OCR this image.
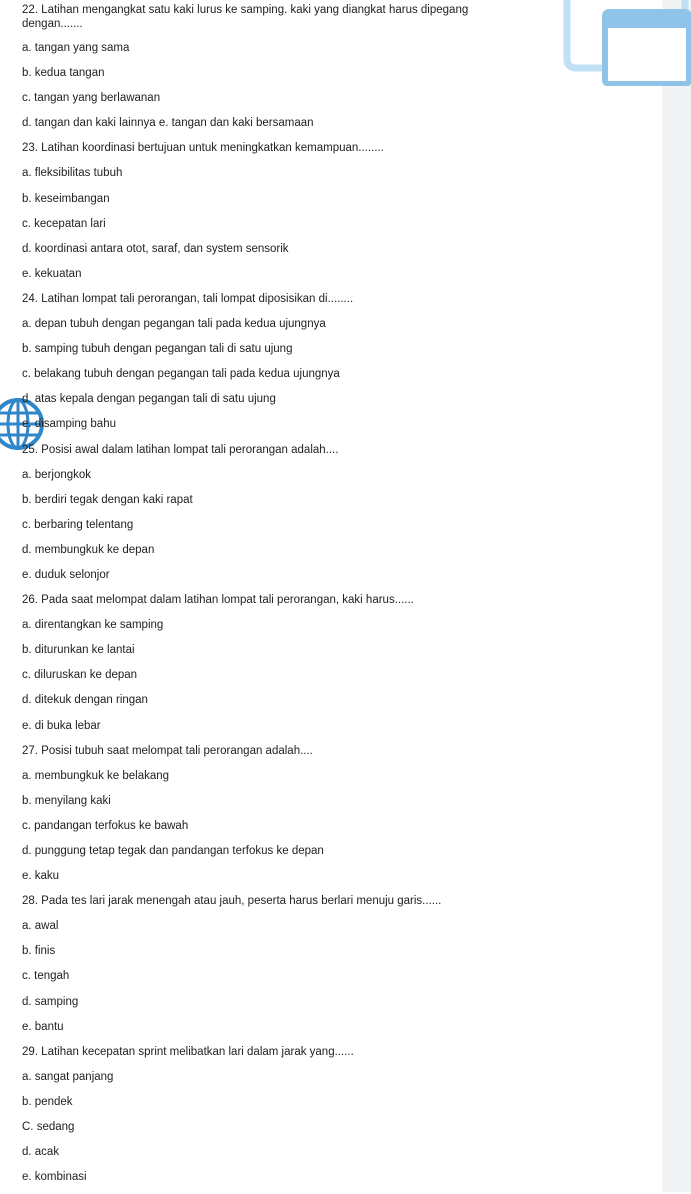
22. Latihan mengangkat satu kaki lurus ke samping. kaki yang diangkat harus dipegang
dengan.......
a. tangan yang sama
b. kedua tangan
c. tangan yang berlawanan
d. tangan dan kaki lainnya e. tangan dan kaki bersamaan
23. Latihan koordinasi bertujuan untuk meningkatkan kemampuan........
a. fleksibilitas tubuh
b. keseimbangan
c. kecepatan lari
d. koordinasi antara otot, saraf, dan system sensorik
e. kekuatan
24. Latihan lompat tali perorangan, tali lompat diposisikan di........
a. depan tubuh dengan pegangan tali pada kedua ujungnya
b. samping tubuh dengan pegangan tali di satu ujung
c. belakang tubuh dengan pegangan tali pada kedua ujungnya
d. atas kepala dengan pegangan tali di satu ujung
e. disamping bahu
25. Posisi awal dalam latihan lompat tali perorangan adalah....
a. berjongkok
b. berdiri tegak dengan kaki rapat
c. berbaring telentang
d. membungkuk ke depan
e. duduk selonjor
26. Pada saat melompat dalam latihan lompat tali perorangan, kaki harus......
a. direntangkan ke samping
b. diturunkan ke lantai
c. diluruskan ke depan
d. ditekuk dengan ringan
e. di buka lebar
27. Posisi tubuh saat melompat tali perorangan adalah....
a. membungkuk ke belakang
b. menyilang kaki
c. pandangan terfokus ke bawah
d. punggung tetap tegak dan pandangan terfokus ke depan
e. kaku
28. Pada tes lari jarak menengah atau jauh, peserta harus berlari menuju garis......
a. awal
b. finis
c. tengah
d. samping
e. bantu
29. Latihan kecepatan sprint melibatkan lari dalam jarak yang......
a. sangat panjang
b. pendek
C. sedang
d. acak
e. kombinasi
